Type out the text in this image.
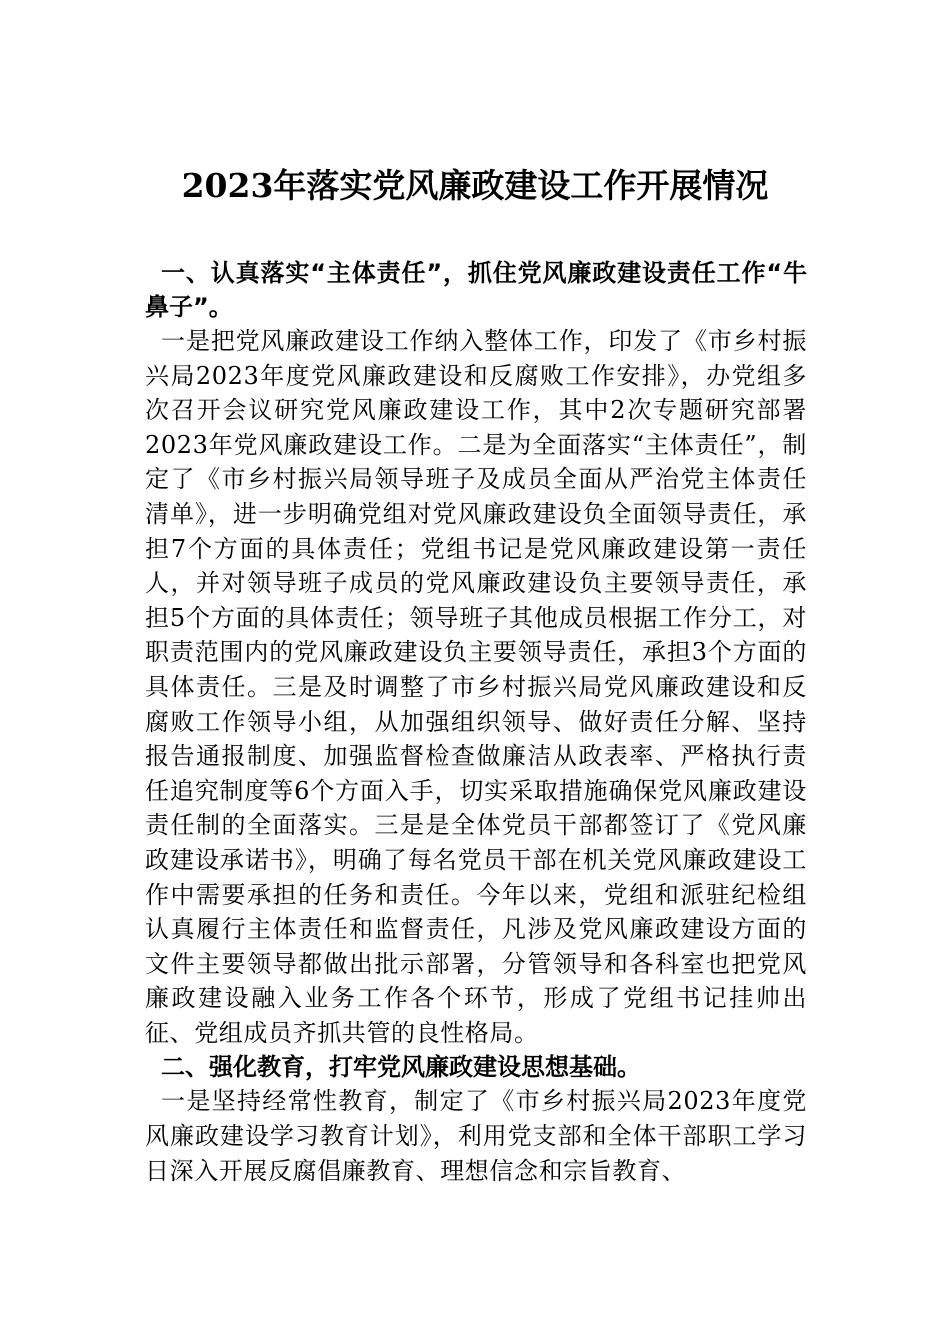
2023年落实党风廉政建设工作开展情况

一、认真落实“主体责任”，抓住党风廉政建设责任工作“牛鼻子”。

一是把党风廉政建设工作纳入整体工作，印发了《市乡村振兴局2023年度党风廉政建设和反腐败工作安排》，办党组多次召开会议研究党风廉政建设工作，其中2次专题研究部署2023年党风廉政建设工作。二是为全面落实“主体责任”，制定了《市乡村振兴局领导班子及成员全面从严治党主体责任清单》，进一步明确党组对党风廉政建设负全面领导责任，承担7个方面的具体责任；党组书记是党风廉政建设第一责任人，并对领导班子成员的党风廉政建设负主要领导责任，承担5个方面的具体责任；领导班子其他成员根据工作分工，对职责范围内的党风廉政建设负主要领导责任，承担3个方面的具体责任。三是及时调整了市乡村振兴局党风廉政建设和反腐败工作领导小组，从加强组织领导、做好责任分解、坚持报告通报制度、加强监督检查做廉洁从政表率、严格执行责任追究制度等6个方面入手，切实采取措施确保党风廉政建设责任制的全面落实。三是是全体党员干部都签订了《党风廉政建设承诺书》，明确了每名党员干部在机关党风廉政建设工作中需要承担的任务和责任。今年以来，党组和派驻纪检组认真履行主体责任和监督责任，凡涉及党风廉政建设方面的文件主要领导都做出批示部署，分管领导和各科室也把党风廉政建设融入业务工作各个环节，形成了党组书记挂帅出征、党组成员齐抓共管的良性格局。

二、强化教育，打牢党风廉政建设思想基础。

一是坚持经常性教育，制定了《市乡村振兴局2023年度党风廉政建设学习教育计划》，利用党支部和全体干部职工学习日深入开展反腐倡廉教育、理想信念和宗旨教育、
